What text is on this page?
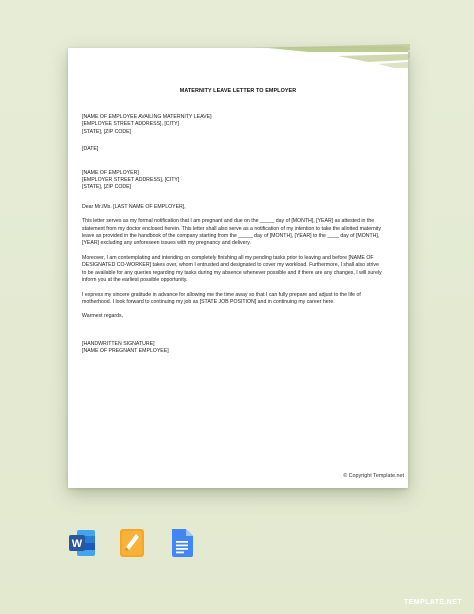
MATERNITY LEAVE LETTER TO EMPLOYER
[NAME OF EMPLOYEE AVAILING MATERNITY LEAVE]
[EMPLOYEE STREET ADDRESS], [CITY]
[STATE], [ZIP CODE]
[DATE]
[NAME OF EMPLOYER]
[EMPLOYER STREET ADDRESS], [CITY]
[STATE], [ZIP CODE]
Dear Mr./Ms. [LAST NAME OF EMPLOYER],
This letter serves as my formal notification that I am pregnant and due on the _____ day of [MONTH], [YEAR] as attested in the statement from my doctor enclosed herein. This letter shall also serve as a notification of my intention to take the allotted maternity leave as provided in the handbook of the company starting from the _____ day of [MONTH], [YEAR] to the ____ day of [MONTH], [YEAR] excluding any unforeseen issues with my pregnancy and delivery.
Moreover, I am contemplating and intending on completely finishing all my pending tasks prior to leaving and before [NAME OF DESIGNATED CO-WORKER] takes over, whom I entrusted and designated to cover my workload. Furthermore, I shall also strive to be available for any queries regarding my tasks during my absence whenever possible and if there are any changes, I will surely inform you at the earliest possible opportunity.
I express my sincere gratitude in advance for allowing me the time away so that I can fully prepare and adjust to the life of motherhood. I look forward to continuing my job as [STATE JOB POSITION] and in continuing my career here.
Warmest regards,
[HANDWRITTEN SIGNATURE]
[NAME OF PREGNANT EMPLOYEE]
© Copyright Template.net
W
TEMPLATE.NET
